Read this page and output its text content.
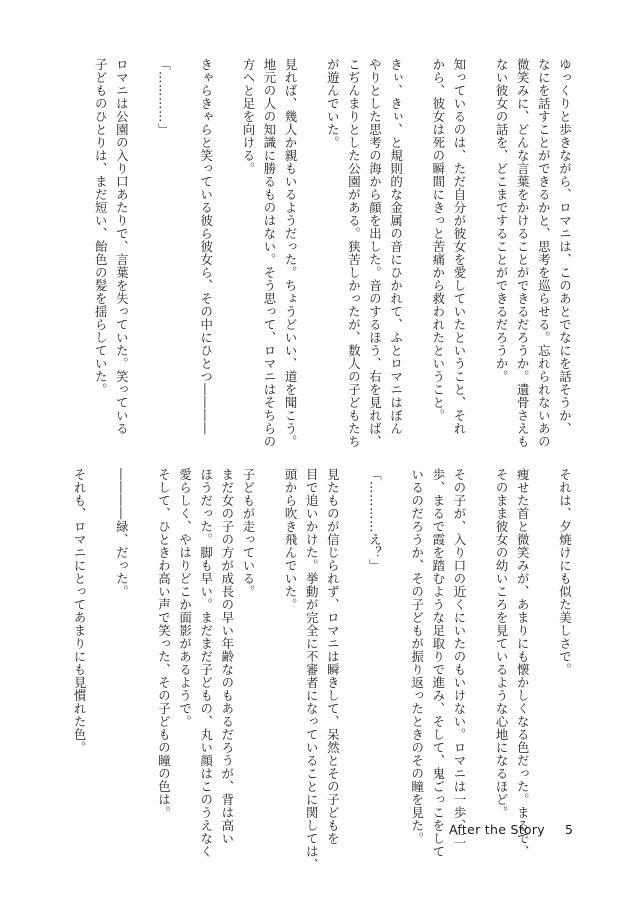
ゆっくりと歩きながら、ロマニは、このあとでなにを話そうか、
なにを話すことができるかと、思考を巡らせる。忘れられないあの
微笑みに、どんな言葉をかけることができるだろうか。遺骨さえも
ない彼女の話を、どこまですることができるだろうか。
知っているのは、ただ自分が彼女を愛していたということ、それ
から、彼女は死の瞬間にきっと苦痛から救われたということ。
きぃ、きぃ、と規則的な金属の音にひかれて、ふとロマニはぼん
やりとした思考の海から顔を出した。音のするほう、右を見れば、
こぢんまりとした公園がある。狭苦しかったが、数人の子どもたち
が遊んでいた。
見れば、幾人か親もいるようだった。ちょうどいい、道を聞こう。
地元の人の知識に勝るものはない。そう思って、ロマニはそちらの
方へと足を向ける。
きゃらきゃらと笑っている彼ら彼女ら、その中にひとつ――――
「…………」
ロマニは公園の入り口あたりで、言葉を失っていた。笑っている
子どものひとりは、まだ短い、飴色の髪を揺らしていた。
それは、夕焼けにも似た美しさで。
痩せた首と微笑みが、あまりにも懐かしくなる色だった。まるで、
そのまま彼女の幼いころを見ているような心地になるほど。
その子が、入り口の近くにいたのもいけない。ロマニは一歩、二
歩、まるで霞を踏むような足取りで進み、そして、鬼ごっこをして
いるのだろうか、その子どもが振り返ったときのその瞳を見た。
「…………え？」
見たものが信じられず、ロマニは瞬きして、呆然とその子どもを
目で追いかけた。挙動が完全に不審者になっていることに関しては、
頭から吹き飛んでいた。
子どもが走っている。
まだ女の子の方が成長の早い年齢なのもあるだろうが、背は高い
ほうだった。脚も早い。まだまだ子どもの、丸い顔はこのうえなく
愛らしく、やはりどこか面影があるようで。
そして、ひときわ高い声で笑った、その子どもの瞳の色は。
――――緑、だった。
それも、ロマニにとってあまりにも見慣れた色。
After the Story 5
